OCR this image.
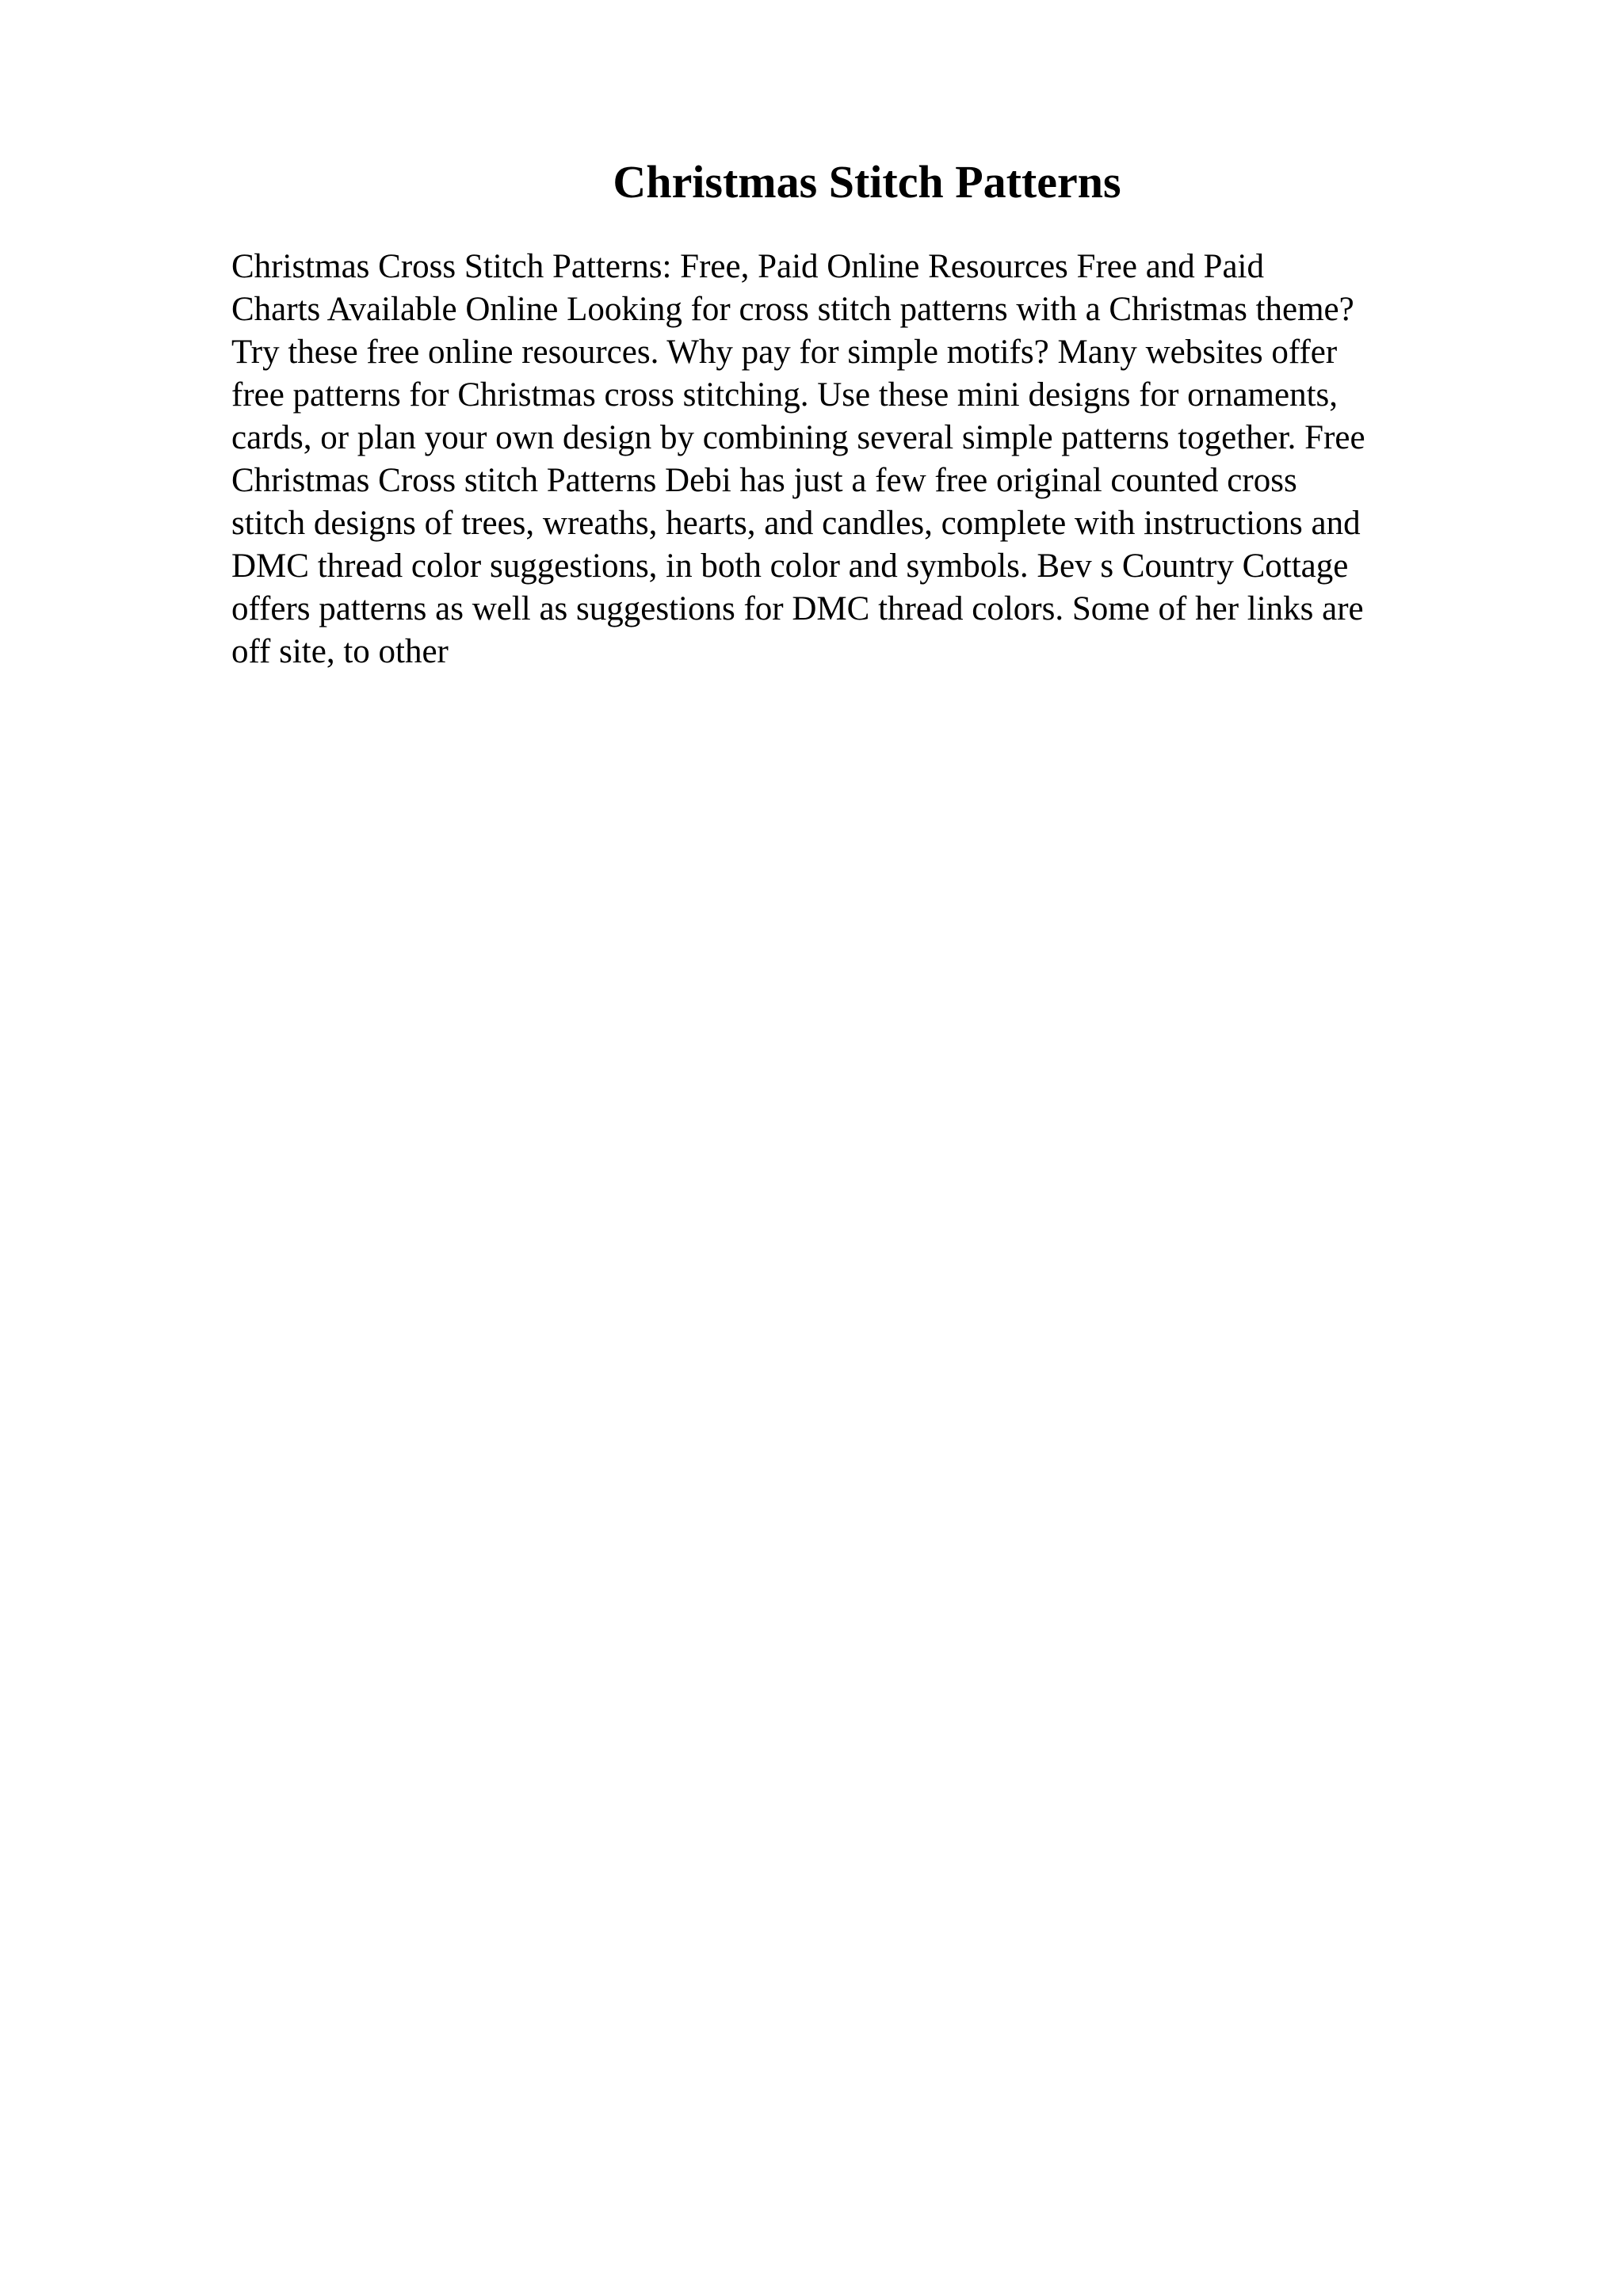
Christmas Stitch Patterns

Christmas Cross Stitch Patterns: Free, Paid Online Resources Free and Paid
Charts Available Online Looking for cross stitch patterns with a Christmas theme?
Try these free online resources. Why pay for simple motifs? Many websites offer
free patterns for Christmas cross stitching. Use these mini designs for ornaments,
cards, or plan your own design by combining several simple patterns together. Free
Christmas Cross stitch Patterns Debi has just a few free original counted cross
stitch designs of trees, wreaths, hearts, and candles, complete with instructions and
DMC thread color suggestions, in both color and symbols. Bev s Country Cottage
offers patterns as well as suggestions for DMC thread colors. Some of her links are
off site, to other
